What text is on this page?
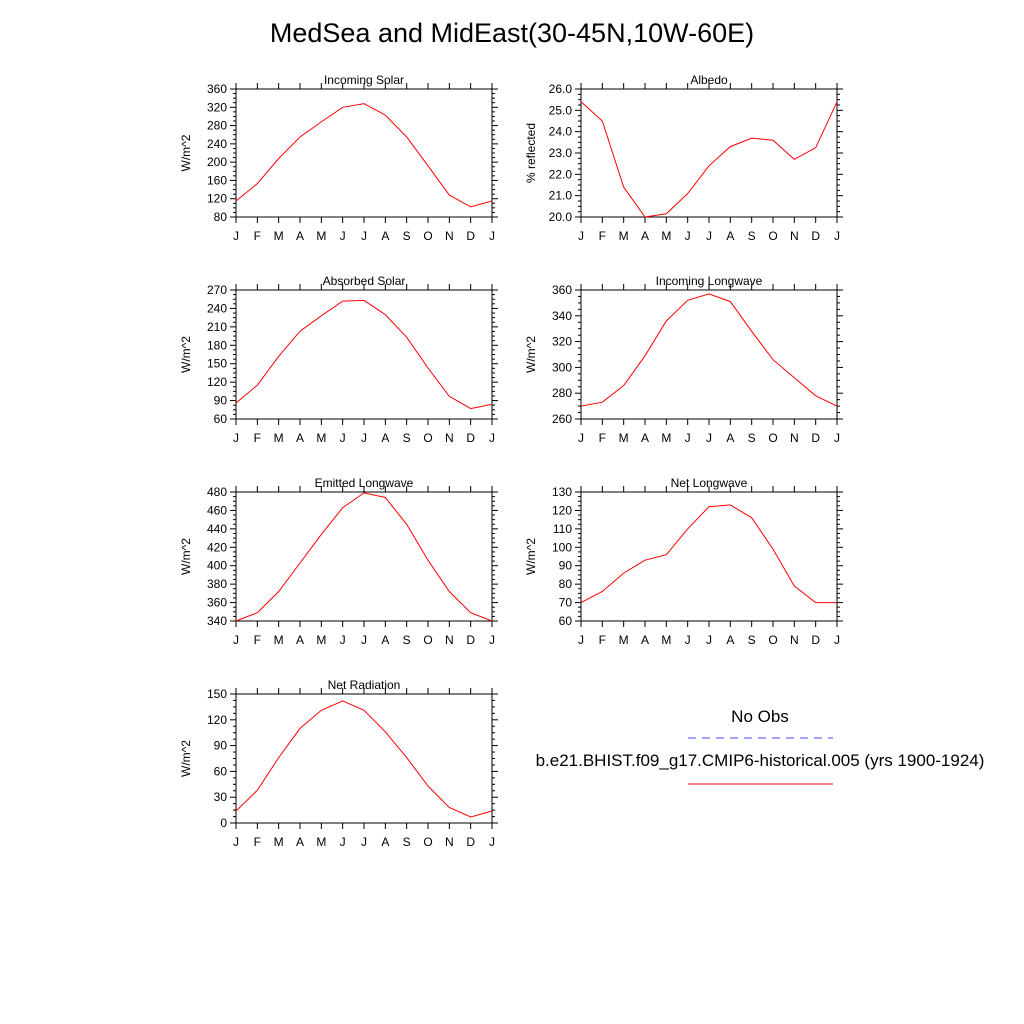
MedSea and MidEast(30-45N,10W-60E)
Incoming Solar
80
120
160
200
240
280
320
360
J F M A M J J A S O N D J
W/m^2
Albedo
20.0
21.0
22.0
23.0
24.0
25.0
26.0
J F M A M J J A S O N D J
% reflected
Absorbed Solar
60
90
120
150
180
210
240
270
J F M A M J J A S O N D J
W/m^2
Incoming Longwave
260
280
300
320
340
360
J F M A M J J A S O N D J
W/m^2
Emitted Longwave
340
360
380
400
420
440
460
480
J F M A M J J A S O N D J
W/m^2
Net Longwave
60
70
80
90
100
110
120
130
J F M A M J J A S O N D J
W/m^2
Net Radiation
0
30
60
90
120
150
J F M A M J J A S O N D J
W/m^2
No Obs
b.e21.BHIST.f09_g17.CMIP6-historical.005 (yrs 1900-1924)
